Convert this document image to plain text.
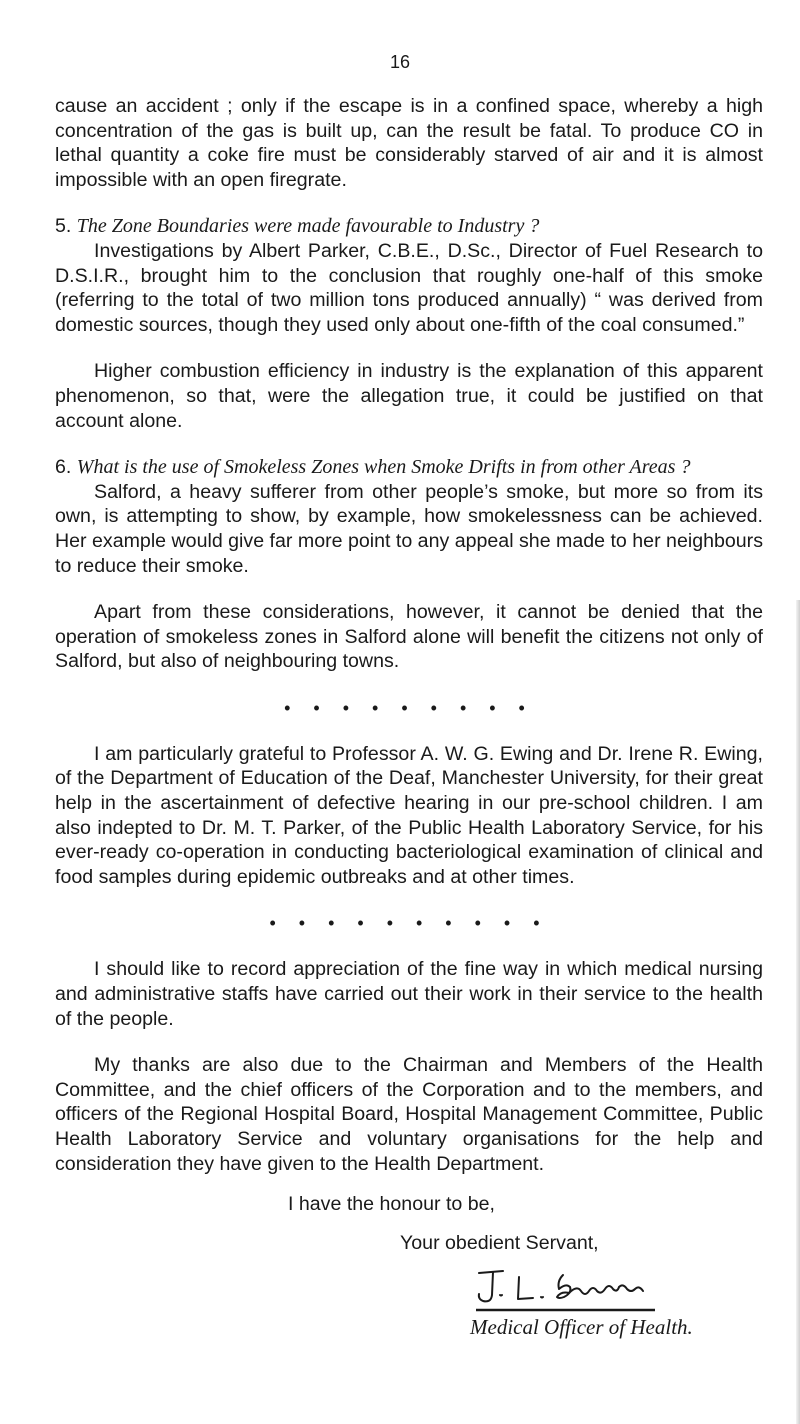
16

cause an accident ; only if the escape is in a confined space, whereby a high concentration of the gas is built up, can the result be fatal. To produce CO in lethal quantity a coke fire must be considerably starved of air and it is almost impossible with an open firegrate.

5. The Zone Boundaries were made favourable to Industry ?

Investigations by Albert Parker, C.B.E., D.Sc., Director of Fuel Research to D.S.I.R., brought him to the conclusion that roughly one-half of this smoke (referring to the total of two million tons produced annually) “ was derived from domestic sources, though they used only about one-fifth of the coal consumed.”

Higher combustion efficiency in industry is the explanation of this apparent phenomenon, so that, were the allegation true, it could be justified on that account alone.

6. What is the use of Smokeless Zones when Smoke Drifts in from other Areas ?

Salford, a heavy sufferer from other people’s smoke, but more so from its own, is attempting to show, by example, how smokelessness can be achieved. Her example would give far more point to any appeal she made to her neighbours to reduce their smoke.

Apart from these considerations, however, it cannot be denied that the operation of smokeless zones in Salford alone will benefit the citizens not only of Salford, but also of neighbouring towns.

• • • • • • • • •

I am particularly grateful to Professor A. W. G. Ewing and Dr. Irene R. Ewing, of the Department of Education of the Deaf, Manchester University, for their great help in the ascertainment of defective hearing in our pre-school children. I am also indepted to Dr. M. T. Parker, of the Public Health Laboratory Service, for his ever-ready co-operation in conducting bacteriological examination of clinical and food samples during epidemic outbreaks and at other times.

• • • • • • • • • •

I should like to record appreciation of the fine way in which medical nursing and administrative staffs have carried out their work in their service to the health of the people.

My thanks are also due to the Chairman and Members of the Health Committee, and the chief officers of the Corporation and to the members, and officers of the Regional Hospital Board, Hospital Management Committee, Public Health Laboratory Service and voluntary organisations for the help and consideration they have given to the Health Department.

I have the honour to be,
Your obedient Servant,
Medical Officer of Health.
